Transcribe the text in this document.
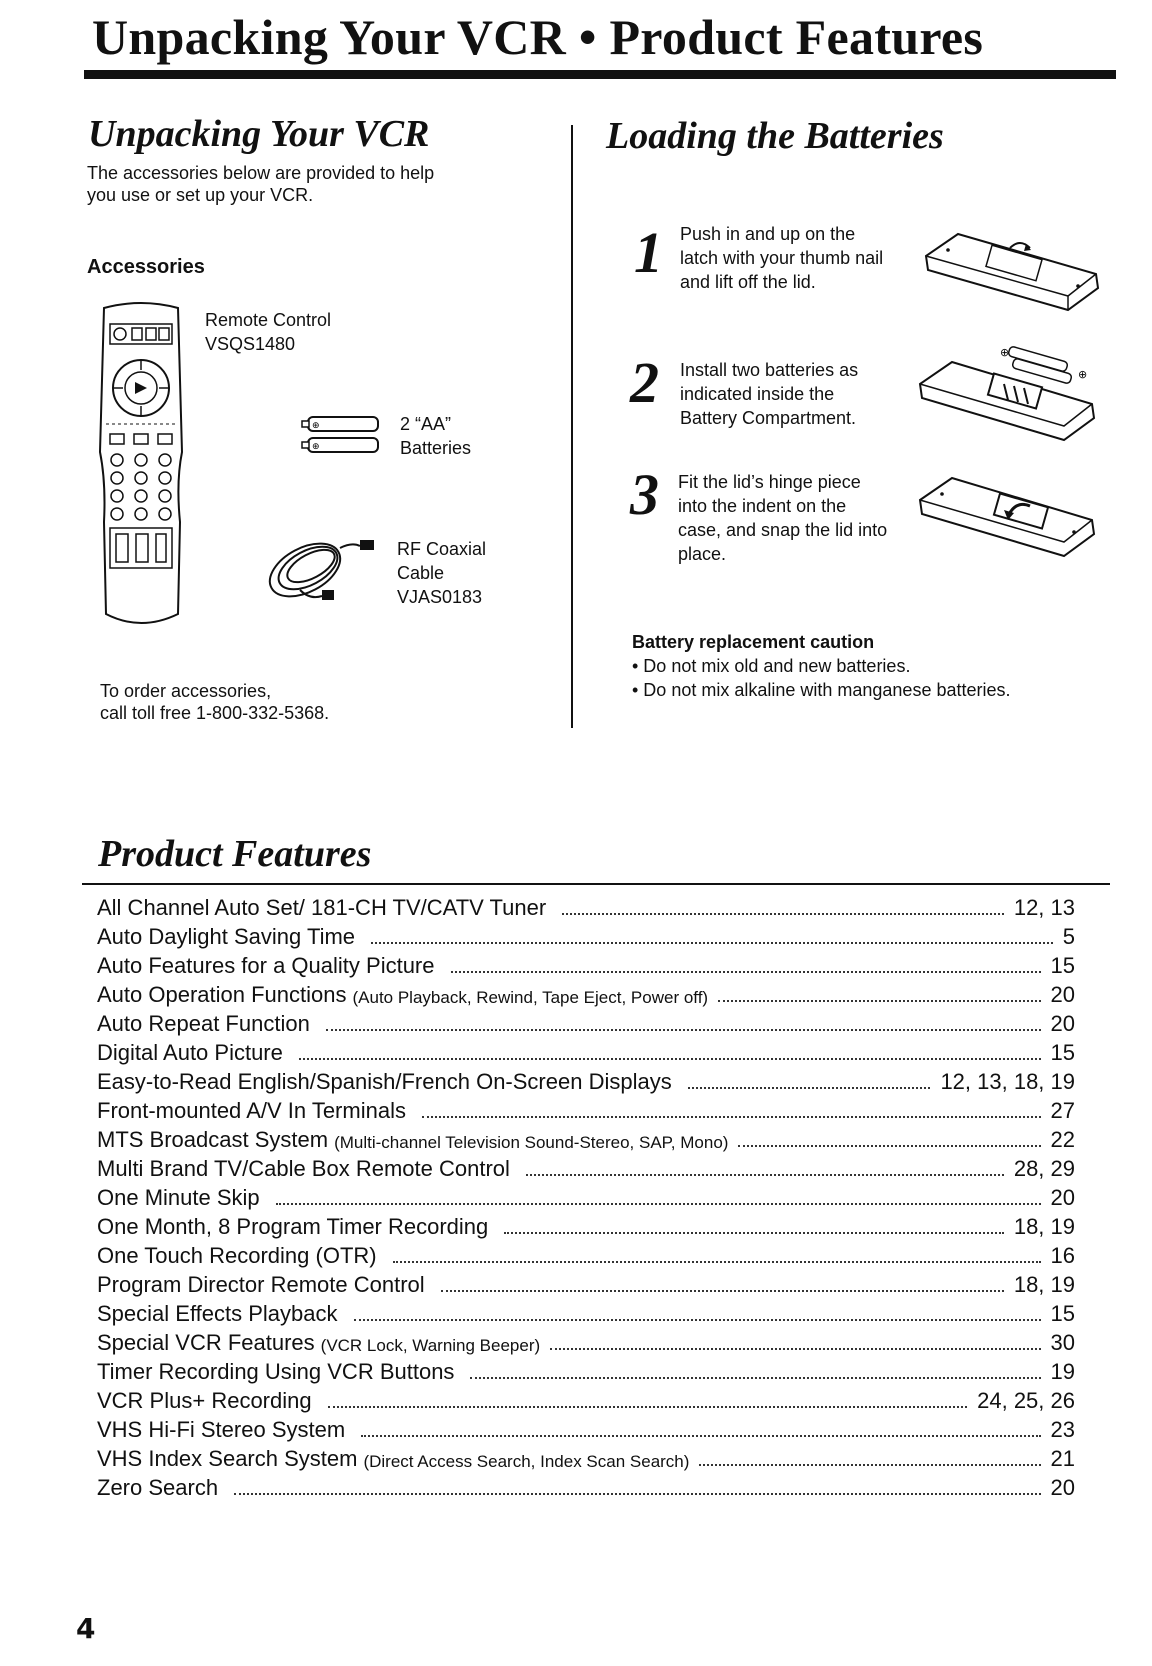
Unpacking Your VCR • Product Features
Unpacking Your VCR

The accessories below are provided to help

you use or set up your VCR.

Accessories

Remote Control

VSQS1480

⊕
⊕

2 “AA”

Batteries

RF Coaxial

Cable

VJAS0183

To order accessories,

call toll free 1-800-332-5368.

Loading the Batteries
1 Push in and up on the latch with your thumb nail and lift off the lid.
2 Install two batteries as indicated inside the Battery Compartment.
⊕
⊕
3 Fit the lid’s hinge piece into the indent on the case, and snap the lid into place.

Battery replacement caution

• Do not mix old and new batteries.

• Do not mix alkaline with manganese batteries.

Product Features
All Channel Auto Set/ 181-CH TV/CATV Tuner	12, 13
Auto Daylight Saving Time	5
Auto Features for a Quality Picture	15
Auto Operation Functions (Auto Playback, Rewind, Tape Eject, Power off)	20
Auto Repeat Function	20
Digital Auto Picture	15
Easy-to-Read English/Spanish/French On-Screen Displays	12, 13, 18, 19
Front-mounted A/V In Terminals	27
MTS Broadcast System (Multi-channel Television Sound-Stereo, SAP, Mono)	22
Multi Brand TV/Cable Box Remote Control	28, 29
One Minute Skip	20
One Month, 8 Program Timer Recording	18, 19
One Touch Recording (OTR)	16
Program Director Remote Control	18, 19
Special Effects Playback	15
Special VCR Features (VCR Lock, Warning Beeper)	30
Timer Recording Using VCR Buttons	19
VCR Plus+ Recording	24, 25, 26
VHS Hi-Fi Stereo System	23
VHS Index Search System (Direct Access Search, Index Scan Search)	21
Zero Search	20
4
